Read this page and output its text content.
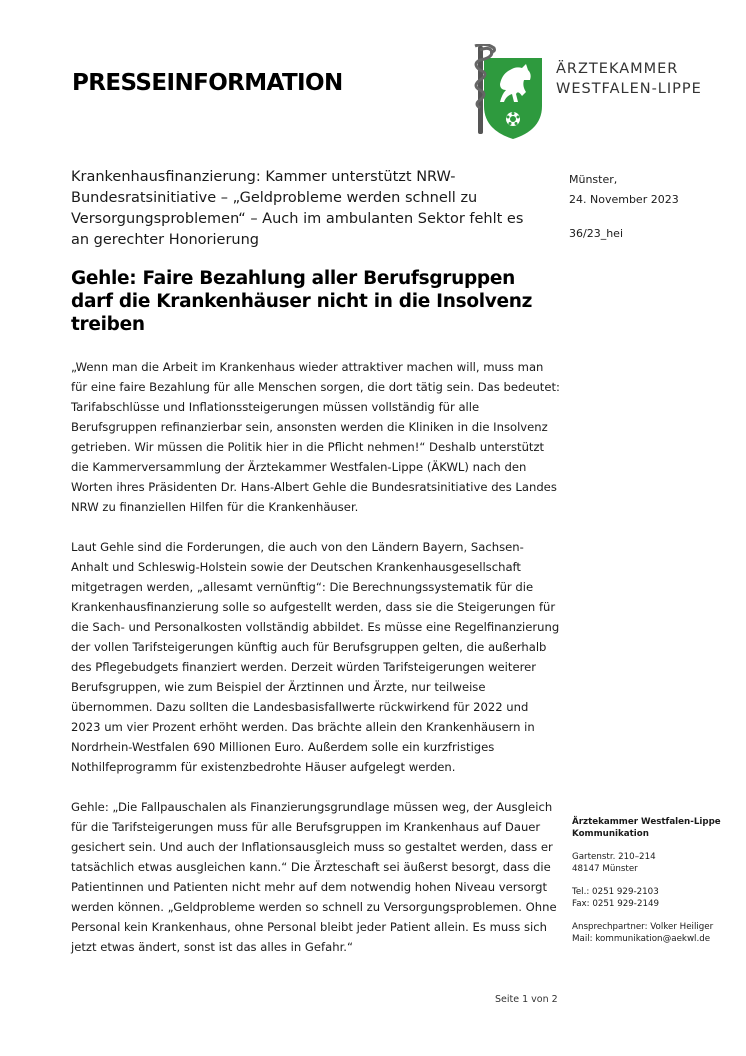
PRESSEINFORMATION
ÄRZTEKAMMER
WESTFALEN-LIPPE
Krankenhausfinanzierung: Kammer unterstützt NRW-Bundesratsinitiative – „Geldprobleme werden schnell zu Versorgungsproblemen“ – Auch im ambulanten Sektor fehlt es an gerechter Honorierung
Münster,
24. November 2023
36/23_hei
Gehle: Faire Bezahlung aller Berufsgruppen darf die Krankenhäuser nicht in die Insolvenz treiben

„Wenn man die Arbeit im Krankenhaus wieder attraktiver machen will, muss man für eine faire Bezahlung für alle Menschen sorgen, die dort tätig sein. Das bedeutet: Tarifabschlüsse und Inflationssteigerungen müssen vollständig für alle Berufsgruppen refinanzierbar sein, ansonsten werden die Kliniken in die Insolvenz getrieben. Wir müssen die Politik hier in die Pflicht nehmen!“ Deshalb unterstützt die Kammerversammlung der Ärztekammer Westfalen-Lippe (ÄKWL) nach den Worten ihres Präsidenten Dr. Hans-Albert Gehle die Bundesratsinitiative des Landes NRW zu finanziellen Hilfen für die Krankenhäuser.

Laut Gehle sind die Forderungen, die auch von den Ländern Bayern, Sachsen-Anhalt und Schleswig-Holstein sowie der Deutschen Krankenhausgesellschaft mitgetragen werden, „allesamt vernünftig“: Die Berechnungssystematik für die Krankenhausfinanzierung solle so aufgestellt werden, dass sie die Steigerungen für die Sach- und Personalkosten vollständig abbildet. Es müsse eine Regelfinanzierung der vollen Tarifsteigerungen künftig auch für Berufsgruppen gelten, die außerhalb des Pflegebudgets finanziert werden. Derzeit würden Tarifsteigerungen weiterer Berufsgruppen, wie zum Beispiel der Ärztinnen und Ärzte, nur teilweise übernommen. Dazu sollten die Landesbasisfallwerte rückwirkend für 2022 und 2023 um vier Prozent erhöht werden. Das brächte allein den Krankenhäusern in Nordrhein-Westfalen 690 Millionen Euro. Außerdem solle ein kurzfristiges Nothilfeprogramm für existenzbedrohte Häuser aufgelegt werden.

Gehle: „Die Fallpauschalen als Finanzierungsgrundlage müssen weg, der Ausgleich für die Tarifsteigerungen muss für alle Berufsgruppen im Krankenhaus auf Dauer gesichert sein. Und auch der Inflationsausgleich muss so gestaltet werden, dass er tatsächlich etwas ausgleichen kann.“ Die Ärzteschaft sei äußerst besorgt, dass die Patientinnen und Patienten nicht mehr auf dem notwendig hohen Niveau versorgt werden können. „Geldprobleme werden so schnell zu Versorgungsproblemen. Ohne Personal kein Krankenhaus, ohne Personal bleibt jeder Patient allein. Es muss sich jetzt etwas ändert, sonst ist das alles in Gefahr.“

Ärztekammer Westfalen-Lippe
Kommunikation
Gartenstr. 210–214
48147 Münster
Tel.: 0251 929-2103
Fax: 0251 929-2149
Ansprechpartner: Volker Heiliger
Mail: kommunikation@aekwl.de
Seite 1 von 2
